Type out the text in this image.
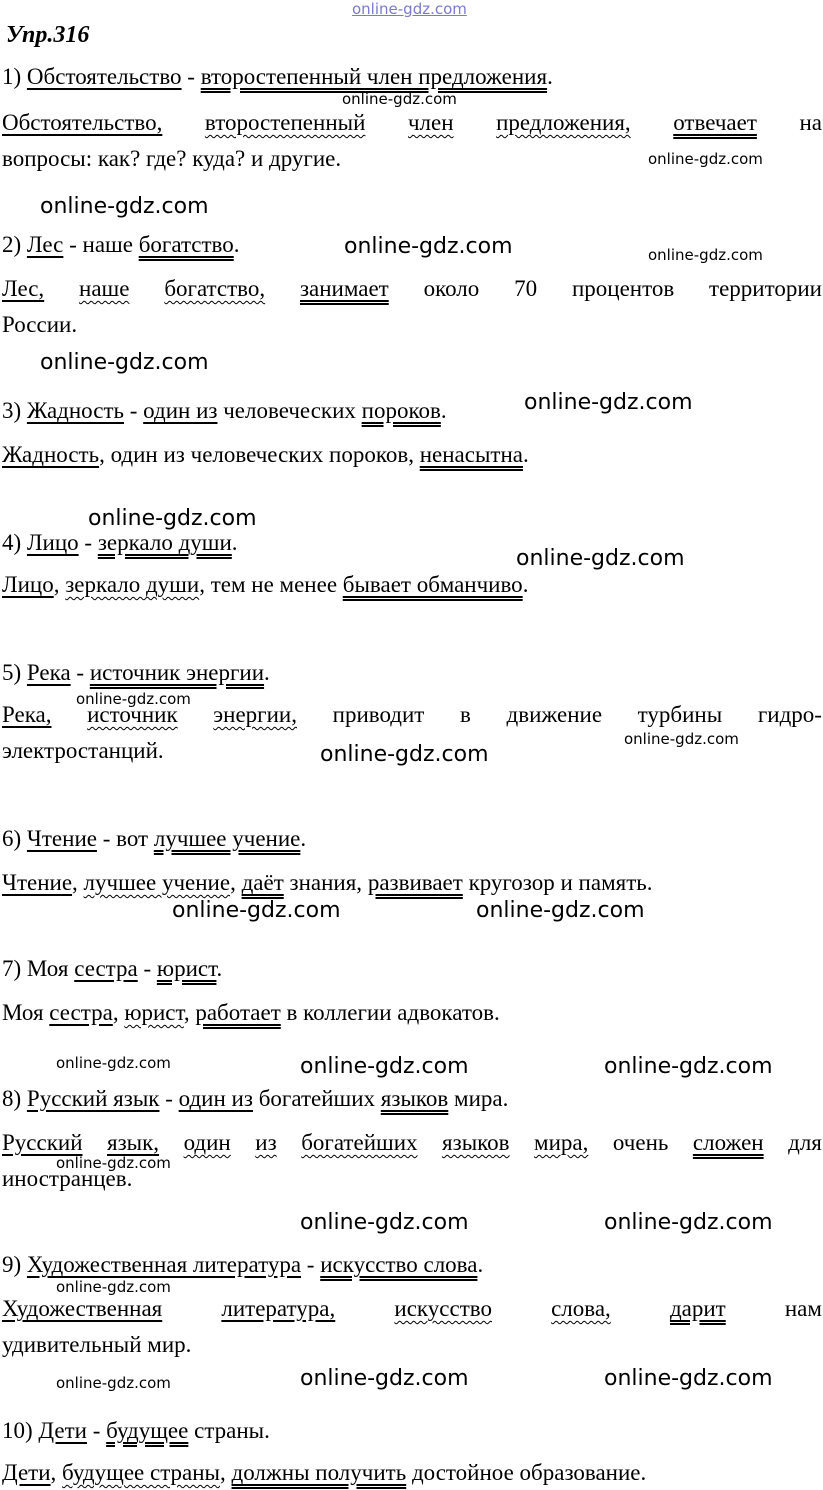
online-gdz.com
Упр.316
1) Обстоятельство - второстепенный член предложения.
online-gdz.com
Обстоятельство, второстепенный член предложения, отвечает на
вопросы: как? где? куда? и другие.	online-gdz.com
online-gdz.com
2) Лес - наше богатство.	online-gdz.com	online-gdz.com
Лес, наше богатство, занимает около 70 процентов территории
России.
online-gdz.com
3) Жадность - один из человеческих пороков.	online-gdz.com
Жадность, один из человеческих пороков, ненасытна.
online-gdz.com
4) Лицо - зеркало души.
online-gdz.com
Лицо, зеркало души, тем не менее бывает обманчиво.
5) Река - источник энергии.
online-gdz.com
Река, источник энергии, приводит в движение турбины гидро-
online-gdz.com
электростанций.	online-gdz.com
6) Чтение - вот лучшее учение.
Чтение, лучшее учение, даёт знания, развивает кругозор и память.
online-gdz.com	online-gdz.com
7) Моя сестра - юрист.
Моя сестра, юрист, работает в коллегии адвокатов.
online-gdz.com	online-gdz.com	online-gdz.com
8) Русский язык - один из богатейших языков мира.
Русский язык, один из богатейших языков мира, очень сложен для
online-gdz.com
иностранцев.
online-gdz.com	online-gdz.com
9) Художественная литература - искусство слова.
online-gdz.com
Художественная	литература,	искусство	слова,	дарит	нам
удивительный мир.
online-gdz.com	online-gdz.com	online-gdz.com
10) Дети - будущее страны.
Дети, будущее страны, должны получить достойное образование.
